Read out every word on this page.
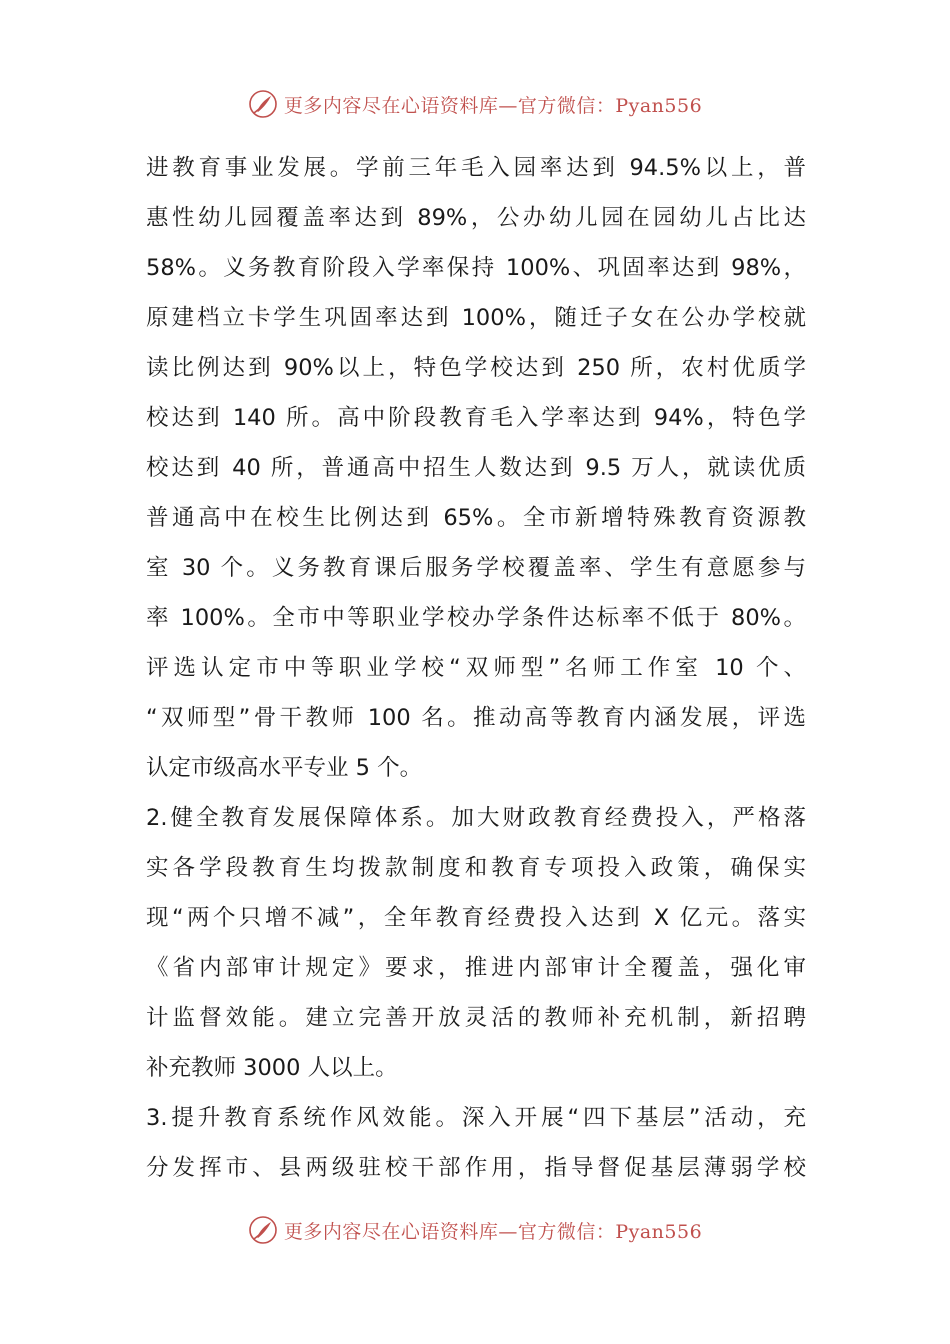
更多内容尽在心语资料库—官方微信：Pyan556
进教育事业发展。学前三年毛入园率达到 94.5%以上，普
惠性幼儿园覆盖率达到 89%，公办幼儿园在园幼儿占比达
58%。义务教育阶段入学率保持 100%、巩固率达到 98%，
原建档立卡学生巩固率达到 100%，随迁子女在公办学校就
读比例达到 90%以上，特色学校达到 250 所，农村优质学
校达到 140 所。高中阶段教育毛入学率达到 94%，特色学
校达到 40 所，普通高中招生人数达到 9.5 万人，就读优质
普通高中在校生比例达到 65%。全市新增特殊教育资源教
室 30 个。义务教育课后服务学校覆盖率、学生有意愿参与
率 100%。全市中等职业学校办学条件达标率不低于 80%。
评选认定市中等职业学校“双师型”名师工作室 10 个、
“双师型”骨干教师 100 名。推动高等教育内涵发展，评选
认定市级高水平专业 5 个。
2.健全教育发展保障体系。加大财政教育经费投入，严格落
实各学段教育生均拨款制度和教育专项投入政策，确保实
现“两个只增不减”，全年教育经费投入达到 X 亿元。落实
《省内部审计规定》要求，推进内部审计全覆盖，强化审
计监督效能。建立完善开放灵活的教师补充机制，新招聘
补充教师 3000 人以上。
3.提升教育系统作风效能。深入开展“四下基层”活动，充
分发挥市、县两级驻校干部作用，指导督促基层薄弱学校
更多内容尽在心语资料库—官方微信：Pyan556
